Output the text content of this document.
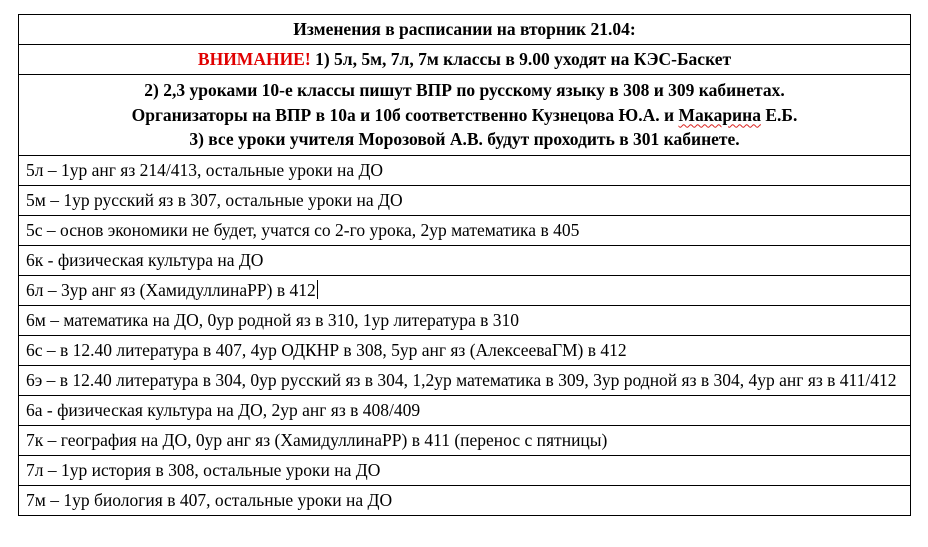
Изменения в расписании на вторник 21.04:
ВНИМАНИЕ! 1) 5л, 5м, 7л, 7м классы в 9.00 уходят на КЭС-Баскет

2) 2,3 уроками 10-е классы пишут ВПР по русскому языку в 308 и 309 кабинетах.
Организаторы на ВПР в 10а и 10б соответственно Кузнецова Ю.А. и Макарина Е.Б.
3) все уроки учителя Морозовой А.В. будут проходить в 301 кабинете.

5л – 1ур анг яз 214/413, остальные уроки на ДО
5м – 1ур русский яз в 307, остальные уроки на ДО
5с – основ экономики не будет, учатся со 2-го урока, 2ур математика в 405
6к - физическая культура на ДО
6л – 3ур анг яз (ХамидуллинаРР) в 412
6м – математика на ДО, 0ур родной яз в 310, 1ур литература в 310
6с – в 12.40 литература в 407, 4ур ОДКНР в 308, 5ур анг яз (АлексееваГМ) в 412
6э – в 12.40 литература в 304, 0ур русский яз в 304, 1,2ур математика в 309, 3ур родной яз в 304, 4ур анг яз в 411/412
6а - физическая культура на ДО, 2ур анг яз в 408/409
7к – география на ДО, 0ур анг яз (ХамидуллинаРР) в 411 (перенос с пятницы)
7л – 1ур история в 308, остальные уроки на ДО
7м – 1ур биология в 407, остальные уроки на ДО
